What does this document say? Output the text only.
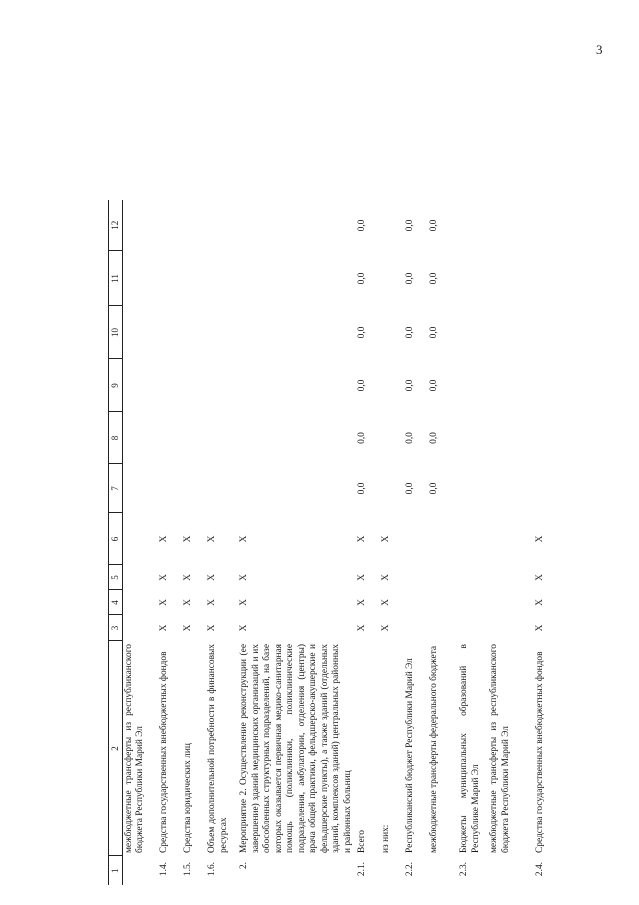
3
1	2	3	4	5	6	7	8	9	10	11	12
	межбюджетные трансферты из республиканского бюджета Республики Марий Эл										
1.4.	Средства государственных внебюджетных фондов	X	X	X	X						
1.5.	Средства юридических лиц	X	X	X	X						
1.6.	Объем дополнительной потребности в финансовых ресурсах	X	X	X	X						
2.	Мероприятие 2. Осуществление реконструкции (ее завершение) зданий медицинских организаций и их обособленных структурных подразделений, на базе которых оказывается первичная медико-санитарная помощь (поликлиники, поликлинические подразделения, амбулатории, отделения (центры) врача общей практики, фельдшерско-акушерские и фельдшерские пункты), а также зданий (отдельных зданий, комплексов зданий) центральных районных и районных больниц	X	X	X	X						
2.1.	Всего	X	X	X	X	0,0	0,0	0,0	0,0	0,0	0,0
	из них:	X	X	X	X						
2.2.	Республиканский бюджет Республики Марий Эл					0,0	0,0	0,0	0,0	0,0	0,0
	межбюджетные трансферты федерального бюджета					0,0	0,0	0,0	0,0	0,0	0,0
2.3.	Бюджеты муниципальных образований в Республике Марий Эл										
	межбюджетные трансферты из республиканского бюджета Республики Марий Эл										
2.4.	Средства государственных внебюджетных фондов	X	X	X	X						
